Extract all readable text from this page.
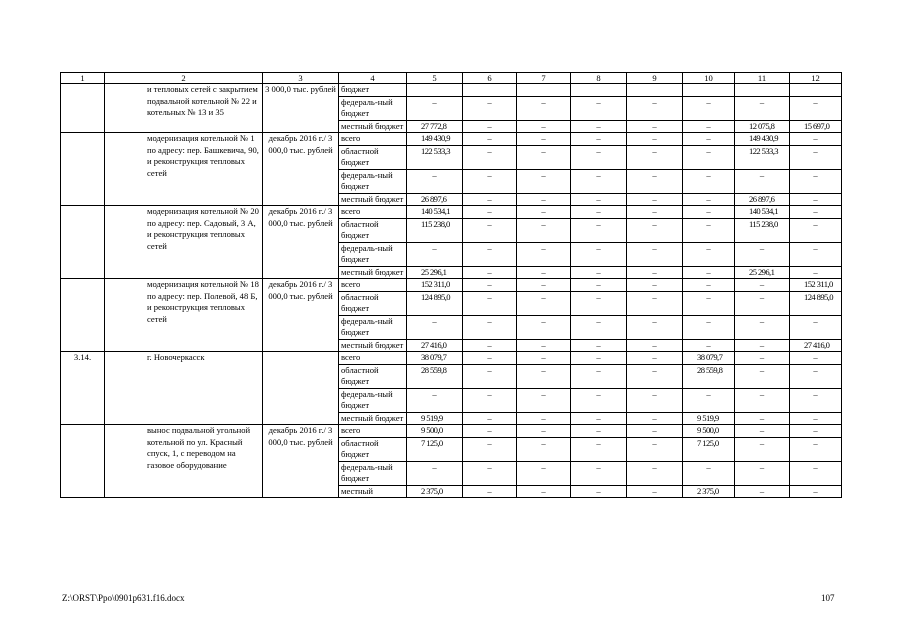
1	2	3	4	5	6	7	8	9	10	11	12
	и тепловых сетей с закрытием подвальной котельной № 22 и котельных № 13 и 35	3 000,0 тыс. рублей	бюджет								
			федераль-ный бюджет	–	–	–	–	–	–	–	–
			местный бюджет	27 772,8	–	–	–	–	–	12 075,8	15 697,0
	модернизация котельной № 1 по адресу: пер. Башкевича, 90, и реконструкция тепловых сетей	декабрь 2016 г./ 3 000,0 тыс. рублей	всего	149 430,9	–	–	–	–	–	149 430,9	–
			областной бюджет	122 533,3	–	–	–	–	–	122 533,3	–
			федераль-ный бюджет	–	–	–	–	–	–	–	–
			местный бюджет	26 897,6	–	–	–	–	–	26 897,6	–
	модернизация котельной № 20 по адресу: пер. Садовый, 3 А, и реконструкция тепловых сетей	декабрь 2016 г./ 3 000,0 тыс. рублей	всего	140 534,1	–	–	–	–	–	140 534,1	–
			областной бюджет	115 238,0	–	–	–	–	–	115 238,0	–
			федераль-ный бюджет	–	–	–	–	–	–	–	–
			местный бюджет	25 296,1	–	–	–	–	–	25 296,1	–
	модернизация котельной № 18 по адресу: пер. Полевой, 48 Б, и реконструкция тепловых сетей	декабрь 2016 г./ 3 000,0 тыс. рублей	всего	152 311,0	–	–	–	–	–	–	152 311,0
			областной бюджет	124 895,0	–	–	–	–	–	–	124 895,0
			федераль-ный бюджет	–	–	–	–	–	–	–	–
			местный бюджет	27 416,0	–	–	–	–	–	–	27 416,0
3.14.	г. Новочеркасск		всего	38 079,7	–	–	–	–	38 079,7	–	–
			областной бюджет	28 559,8	–	–	–	–	28 559,8	–	–
			федераль-ный бюджет	–	–	–	–	–	–	–	–
			местный бюджет	9 519,9	–	–	–	–	9 519,9	–	–
	вынос подвальной угольной котельной по ул. Красный спуск, 1, с переводом на газовое оборудование	декабрь 2016 г./ 3 000,0 тыс. рублей	всего	9 500,0	–	–	–	–	9 500,0	–	–
			областной бюджет	7 125,0	–	–	–	–	7 125,0	–	–
			федераль-ный бюджет	–	–	–	–	–	–	–	–
			местный	2 375,0	–	–	–	–	2 375,0	–	–
Z:\ORST\Ppo\0901p631.f16.docx	107
